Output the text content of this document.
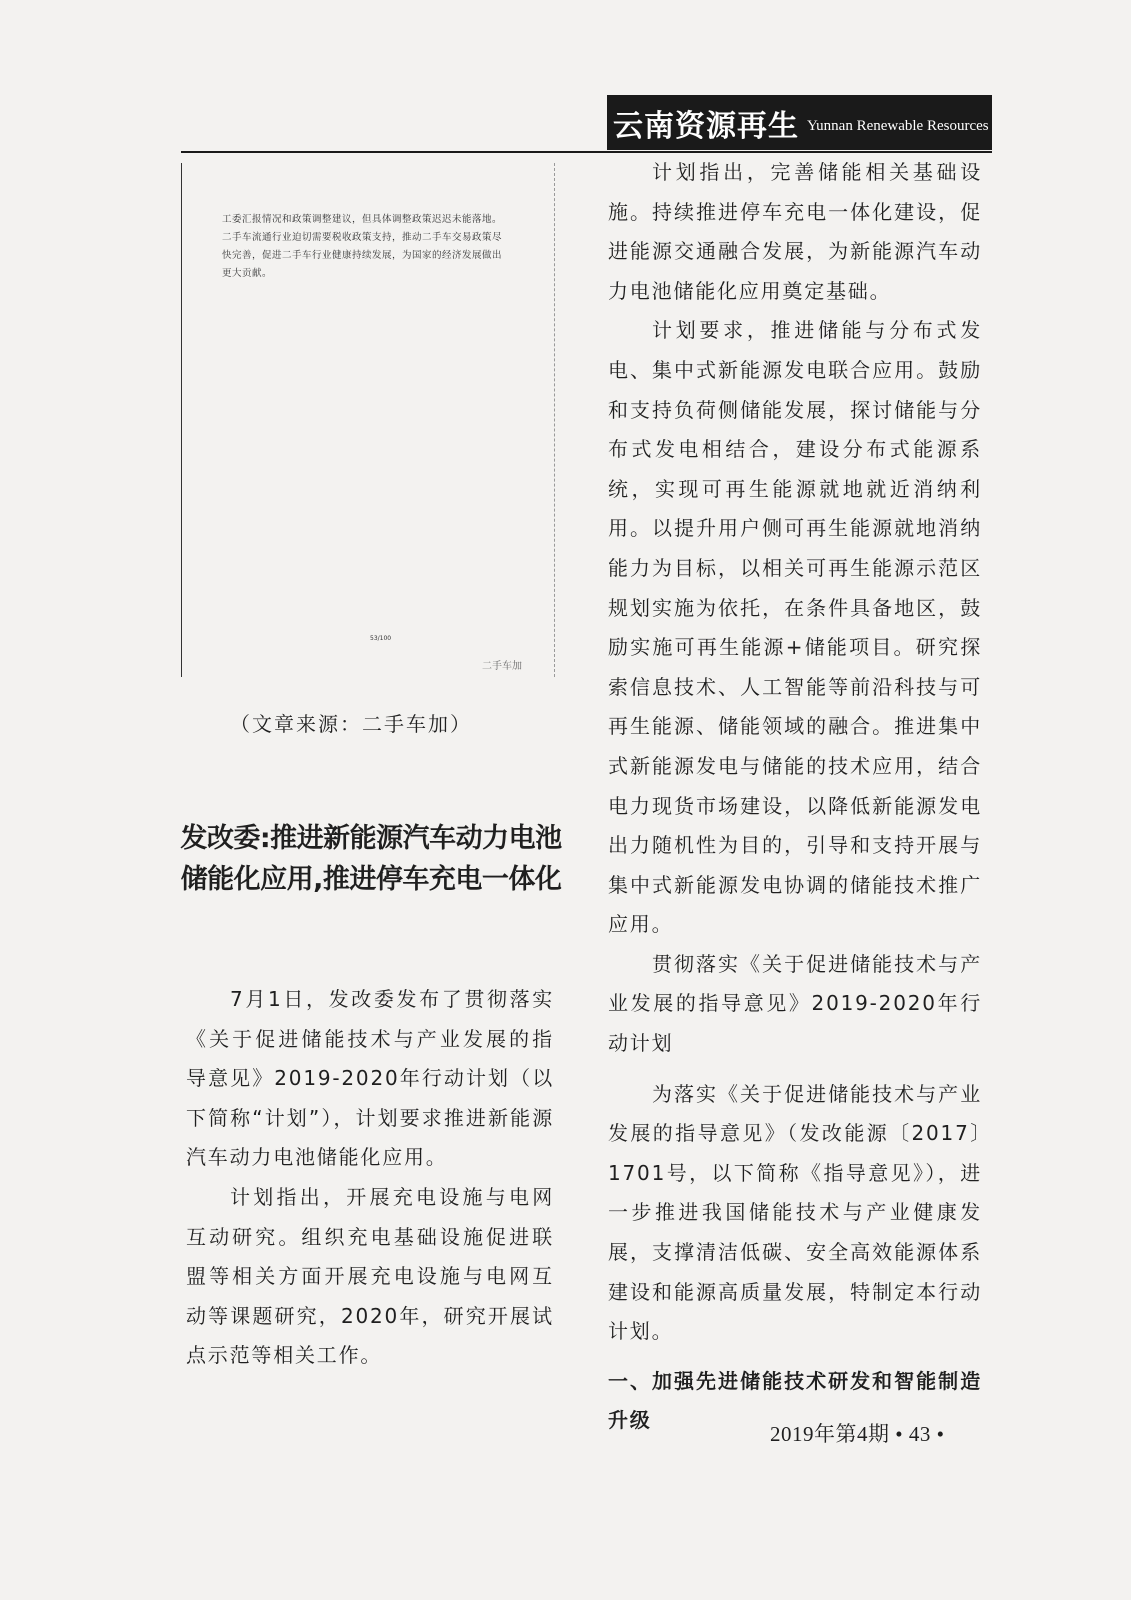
云南资源再生 Yunnan Renewable Resources
工委汇报情况和政策调整建议，但具体调整政策迟迟未能落地。
二手车流通行业迫切需要税收政策支持，推动二手车交易政策尽
快完善，促进二手车行业健康持续发展，为国家的经济发展做出
更大贡献。
53/100
二手车加
（文章来源：二手车加）
发改委:推进新能源汽车动力电池储能化应用,推进停车充电一体化

7月1日，发改委发布了贯彻落实《关于促进储能技术与产业发展的指导意见》2019-2020年行动计划（以下简称“计划”），计划要求推进新能源汽车动力电池储能化应用。

计划指出，开展充电设施与电网互动研究。组织充电基础设施促进联盟等相关方面开展充电设施与电网互动等课题研究，2020年，研究开展试点示范等相关工作。

计划指出，完善储能相关基础设施。持续推进停车充电一体化建设，促进能源交通融合发展，为新能源汽车动力电池储能化应用奠定基础。

计划要求，推进储能与分布式发电、集中式新能源发电联合应用。鼓励和支持负荷侧储能发展，探讨储能与分布式发电相结合，建设分布式能源系统，实现可再生能源就地就近消纳利用。以提升用户侧可再生能源就地消纳能力为目标，以相关可再生能源示范区规划实施为依托，在条件具备地区，鼓励实施可再生能源+储能项目。研究探索信息技术、人工智能等前沿科技与可再生能源、储能领域的融合。推进集中式新能源发电与储能的技术应用，结合电力现货市场建设，以降低新能源发电出力随机性为目的，引导和支持开展与集中式新能源发电协调的储能技术推广应用。

贯彻落实《关于促进储能技术与产业发展的指导意见》2019-2020年行动计划

为落实《关于促进储能技术与产业发展的指导意见》（发改能源〔2017〕1701号，以下简称《指导意见》），进一步推进我国储能技术与产业健康发展，支撑清洁低碳、安全高效能源体系建设和能源高质量发展，特制定本行动计划。

一、加强先进储能技术研发和智能制造升级

2019年第4期 • 43 •
